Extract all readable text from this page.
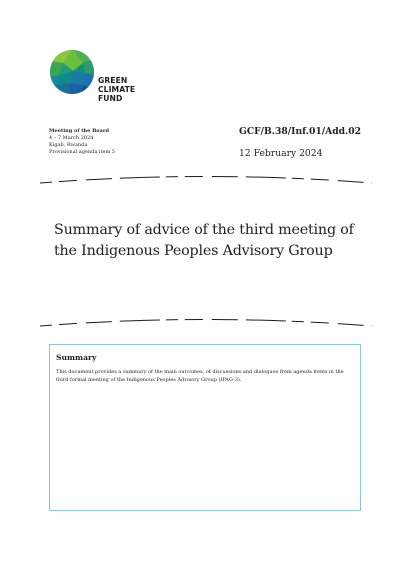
GREEN
CLIMATE
FUND
Meeting of the Board
4 – 7 March 2024
Kigali, Rwanda
Provisional agenda item 5
GCF/B.38/Inf.01/Add.02
12 February 2024
Summary of advice of the third meeting of the Indigenous Peoples Advisory Group

Summary

This document provides a summary of the main outcomes, of discussions and dialogues from agenda items in the third formal meeting of the Indigenous Peoples Advisory Group (IPAG-3).
